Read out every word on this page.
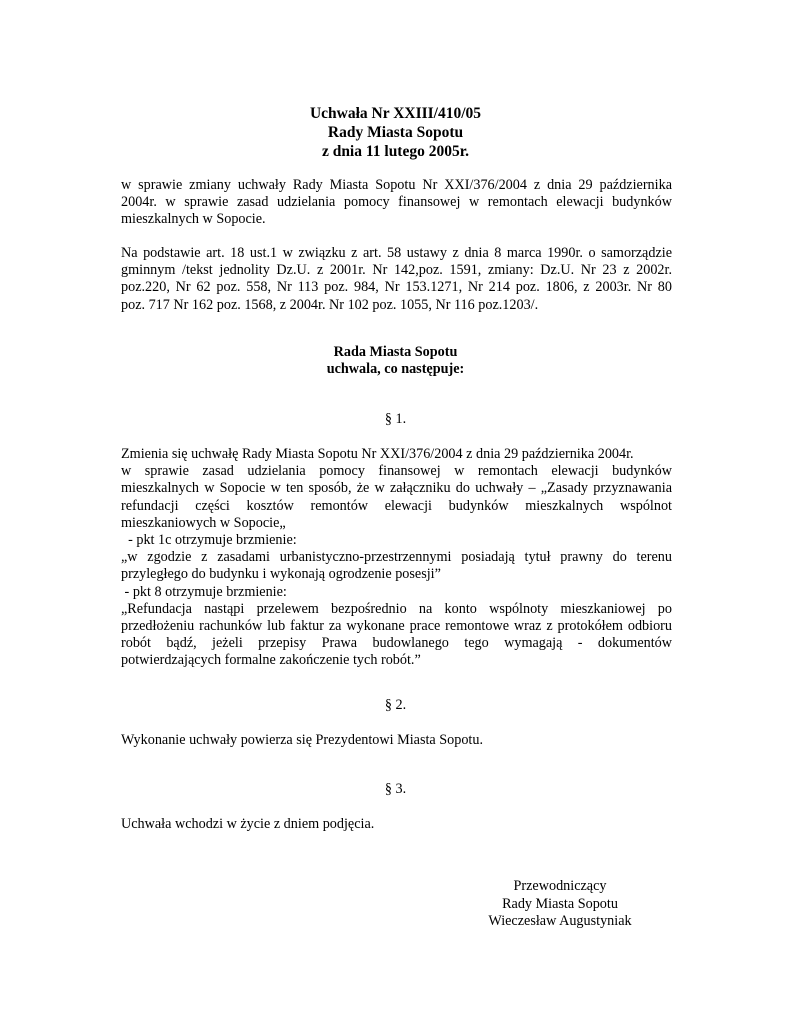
Uchwała Nr XXIII/410/05
Rady Miasta Sopotu
z dnia 11 lutego 2005r.
w sprawie zmiany uchwały Rady Miasta Sopotu Nr XXI/376/2004 z dnia 29 października
2004r. w sprawie zasad udzielania pomocy finansowej w remontach elewacji budynków
mieszkalnych w Sopocie.
Na podstawie art. 18 ust.1 w związku z art. 58 ustawy z dnia 8 marca 1990r. o samorządzie
gminnym /tekst jednolity Dz.U. z 2001r. Nr 142,poz. 1591, zmiany: Dz.U. Nr 23 z 2002r.
poz.220, Nr 62 poz. 558, Nr 113 poz. 984, Nr 153.1271, Nr 214 poz. 1806, z 2003r. Nr 80
poz. 717 Nr 162 poz. 1568, z 2004r. Nr 102 poz. 1055, Nr 116 poz.1203/.
Rada Miasta Sopotu
uchwala, co następuje:
§ 1.
Zmienia się uchwałę Rady Miasta Sopotu Nr XXI/376/2004 z dnia 29 października 2004r.
w sprawie zasad udzielania pomocy finansowej w remontach elewacji budynków
mieszkalnych w Sopocie w ten sposób, że w załączniku do uchwały – „Zasady przyznawania
refundacji części kosztów remontów elewacji budynków mieszkalnych wspólnot
mieszkaniowych w Sopocie„
- pkt 1c otrzymuje brzmienie:
„w zgodzie z zasadami urbanistyczno-przestrzennymi posiadają tytuł prawny do terenu
przyległego do budynku i wykonają ogrodzenie posesji”
- pkt 8 otrzymuje brzmienie:
„Refundacja nastąpi przelewem bezpośrednio na konto wspólnoty mieszkaniowej po
przedłożeniu rachunków lub faktur za wykonane prace remontowe wraz z protokółem odbioru
robót bądź, jeżeli przepisy Prawa budowlanego tego wymagają - dokumentów
potwierdzających formalne zakończenie tych robót.”
§ 2.
Wykonanie uchwały powierza się Prezydentowi Miasta Sopotu.
§ 3.
Uchwała wchodzi w życie z dniem podjęcia.
Przewodniczący
Rady Miasta Sopotu
Wieczesław Augustyniak
